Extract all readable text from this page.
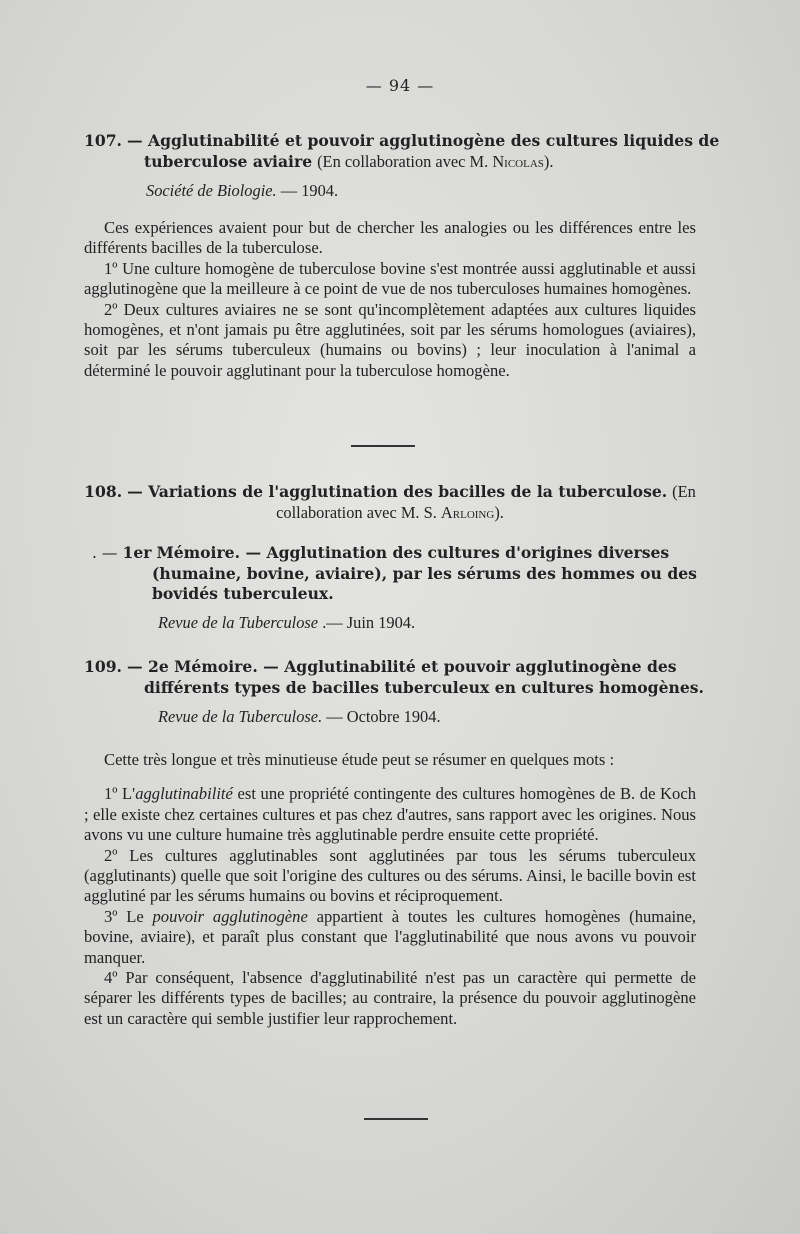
— 94 —
107. — Agglutinabilité et pouvoir agglutinogène des cultures liquides de tuberculose aviaire (En collaboration avec M. Nicolas).
Société de Biologie. — 1904.

Ces expériences avaient pour but de chercher les analogies ou les différences entre les différents bacilles de la tuberculose.

1º Une culture homogène de tuberculose bovine s'est montrée aussi agglutinable et aussi agglutinogène que la meilleure à ce point de vue de nos tuberculoses humaines homogènes.

2º Deux cultures aviaires ne se sont qu'incomplètement adaptées aux cultures liquides homogènes, et n'ont jamais pu être agglutinées, soit par les sérums homologues (aviaires), soit par les sérums tuberculeux (humains ou bovins) ; leur inoculation à l'animal a déterminé le pouvoir agglutinant pour la tuberculose homogène.

108. — Variations de l'agglutination des bacilles de la tuberculose. (En collaboration avec M. S. Arloing).
. — 1er Mémoire. — Agglutination des cultures d'origines diverses (humaine, bovine, aviaire), par les sérums des hommes ou des bovidés tuberculeux.
Revue de la Tuberculose .— Juin 1904.
109. — 2e Mémoire. — Agglutinabilité et pouvoir agglutinogène des différents types de bacilles tuberculeux en cultures homogènes.
Revue de la Tuberculose. — Octobre 1904.

Cette très longue et très minutieuse étude peut se résumer en quelques mots :

1º L'agglutinabilité est une propriété contingente des cultures homogènes de B. de Koch ; elle existe chez certaines cultures et pas chez d'autres, sans rapport avec les origines. Nous avons vu une culture humaine très agglutinable perdre ensuite cette propriété.

2º Les cultures agglutinables sont agglutinées par tous les sérums tuberculeux (agglutinants) quelle que soit l'origine des cultures ou des sérums. Ainsi, le bacille bovin est agglutiné par les sérums humains ou bovins et réciproquement.

3º Le pouvoir agglutinogène appartient à toutes les cultures homogènes (humaine, bovine, aviaire), et paraît plus constant que l'agglutinabilité que nous avons vu pouvoir manquer.

4º Par conséquent, l'absence d'agglutinabilité n'est pas un caractère qui permette de séparer les différents types de bacilles; au contraire, la présence du pouvoir agglutinogène est un caractère qui semble justifier leur rapprochement.
